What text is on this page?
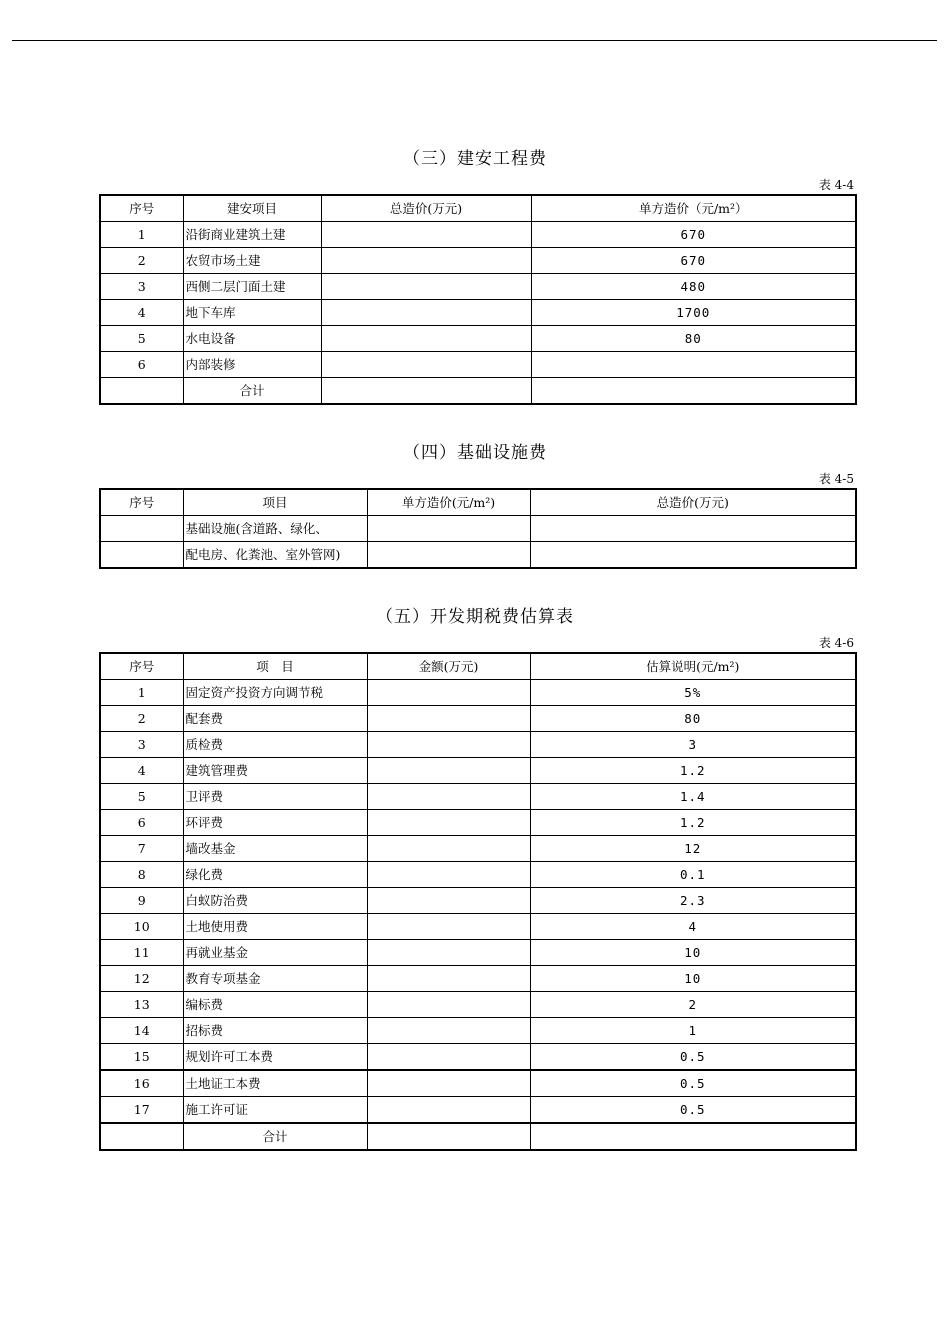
（三）建安工程费
表 4-4
序号	建安项目	总造价(万元)	单方造价（元/m²）
1	沿街商业建筑土建		670
2	农贸市场土建		670
3	西侧二层门面土建		480
4	地下车库		1700
5	水电设备		80
6	内部装修		
	合计		
（四）基础设施费
表 4-5
序号	项目	单方造价(元/m²)	总造价(万元)
	基础设施(含道路、绿化、		
	配电房、化粪池、室外管网)		
（五）开发期税费估算表
表 4-6
序号	项　目	金额(万元)	估算说明(元/m²)
1	固定资产投资方向调节税		5%
2	配套费		80
3	质检费		3
4	建筑管理费		1.2
5	卫评费		1.4
6	环评费		1.2
7	墙改基金		12
8	绿化费		0.1
9	白蚁防治费		2.3
10	土地使用费		4
11	再就业基金		10
12	教育专项基金		10
13	编标费		2
14	招标费		1
15	规划许可工本费		0.5
16	土地证工本费		0.5
17	施工许可证		0.5
	合计		
